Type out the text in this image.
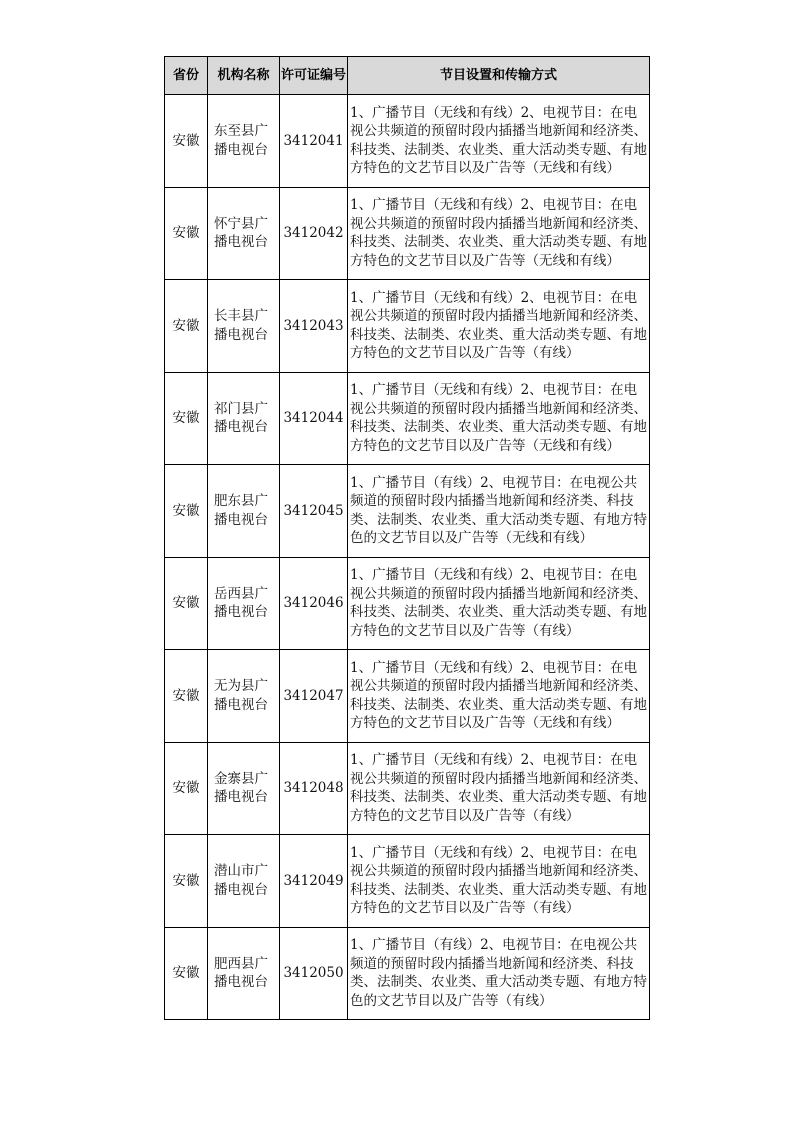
省份	机构名称	许可证编号	节目设置和传输方式
安徽	东至县广播电视台	3412041	1、广播节目（无线和有线）2、电视节目：在电视公共频道的预留时段内插播当地新闻和经济类、科技类、法制类、农业类、重大活动类专题、有地方特色的文艺节目以及广告等（无线和有线）

安徽	怀宁县广播电视台	3412042	1、广播节目（无线和有线）2、电视节目：在电视公共频道的预留时段内插播当地新闻和经济类、科技类、法制类、农业类、重大活动类专题、有地方特色的文艺节目以及广告等（无线和有线）

安徽	长丰县广播电视台	3412043	1、广播节目（无线和有线）2、电视节目：在电视公共频道的预留时段内插播当地新闻和经济类、科技类、法制类、农业类、重大活动类专题、有地方特色的文艺节目以及广告等（有线）

安徽	祁门县广播电视台	3412044	1、广播节目（无线和有线）2、电视节目：在电视公共频道的预留时段内插播当地新闻和经济类、科技类、法制类、农业类、重大活动类专题、有地方特色的文艺节目以及广告等（无线和有线）

安徽	肥东县广播电视台	3412045	1、广播节目（有线）2、电视节目：在电视公共频道的预留时段内插播当地新闻和经济类、科技类、法制类、农业类、重大活动类专题、有地方特色的文艺节目以及广告等（无线和有线）

安徽	岳西县广播电视台	3412046	1、广播节目（无线和有线）2、电视节目：在电视公共频道的预留时段内插播当地新闻和经济类、科技类、法制类、农业类、重大活动类专题、有地方特色的文艺节目以及广告等（有线）

安徽	无为县广播电视台	3412047	1、广播节目（无线和有线）2、电视节目：在电视公共频道的预留时段内插播当地新闻和经济类、科技类、法制类、农业类、重大活动类专题、有地方特色的文艺节目以及广告等（无线和有线）

安徽	金寨县广播电视台	3412048	1、广播节目（无线和有线）2、电视节目：在电视公共频道的预留时段内插播当地新闻和经济类、科技类、法制类、农业类、重大活动类专题、有地方特色的文艺节目以及广告等（有线）

安徽	潜山市广播电视台	3412049	1、广播节目（无线和有线）2、电视节目：在电视公共频道的预留时段内插播当地新闻和经济类、科技类、法制类、农业类、重大活动类专题、有地方特色的文艺节目以及广告等（有线）

安徽	肥西县广播电视台	3412050	1、广播节目（有线）2、电视节目：在电视公共频道的预留时段内插播当地新闻和经济类、科技类、法制类、农业类、重大活动类专题、有地方特色的文艺节目以及广告等（有线）
